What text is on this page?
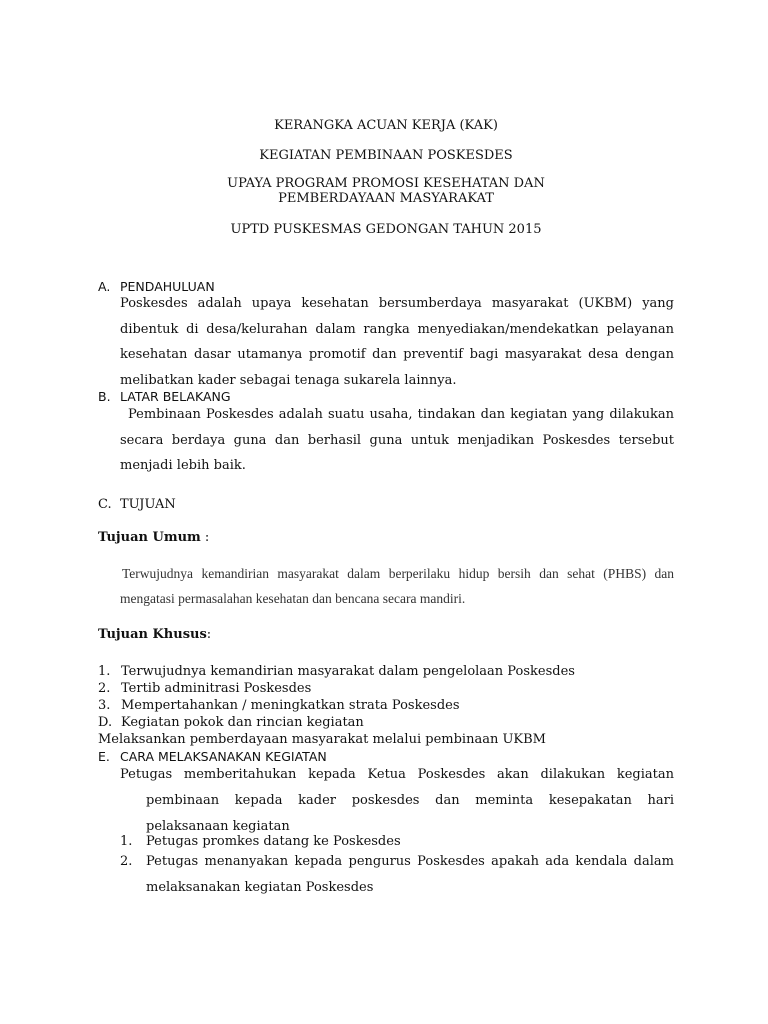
KERANGKA ACUAN KERJA (KAK)

KEGIATAN PEMBINAAN POSKESDES

UPAYA PROGRAM PROMOSI KESEHATAN DAN PEMBERDAYAAN MASYARAKAT

UPTD PUSKESMAS GEDONGAN TAHUN 2015

A. PENDAHULUAN

Poskesdes adalah upaya kesehatan bersumberdaya masyarakat (UKBM) yang dibentuk di desa/kelurahan dalam rangka menyediakan/mendekatkan pelayanan kesehatan dasar utamanya promotif dan preventif bagi masyarakat desa dengan melibatkan kader sebagai tenaga sukarela lainnya.

B. LATAR BELAKANG

Pembinaan Poskesdes adalah suatu usaha, tindakan dan kegiatan yang dilakukan secara berdaya guna dan berhasil guna untuk menjadikan Poskesdes tersebut menjadi lebih baik.

C. TUJUAN

Tujuan Umum :

Terwujudnya kemandirian masyarakat dalam berperilaku hidup bersih dan sehat (PHBS) dan mengatasi permasalahan kesehatan dan bencana secara mandiri.

Tujuan Khusus:

1. Terwujudnya kemandirian masyarakat dalam pengelolaan Poskesdes
2. Tertib adminitrasi Poskesdes
3. Mempertahankan / meningkatkan strata Poskesdes

D. Kegiatan pokok dan rincian kegiatan

Melaksankan pemberdayaan masyarakat melalui pembinaan UKBM

E. CARA MELAKSANAKAN KEGIATAN

Petugas memberitahukan kepada Ketua Poskesdes akan dilakukan kegiatan pembinaan kepada kader poskesdes dan meminta kesepakatan hari pelaksanaan kegiatan

1. Petugas promkes datang ke Poskesdes

2. Petugas menanyakan kepada pengurus Poskesdes apakah ada kendala dalam melaksanakan kegiatan Poskesdes
